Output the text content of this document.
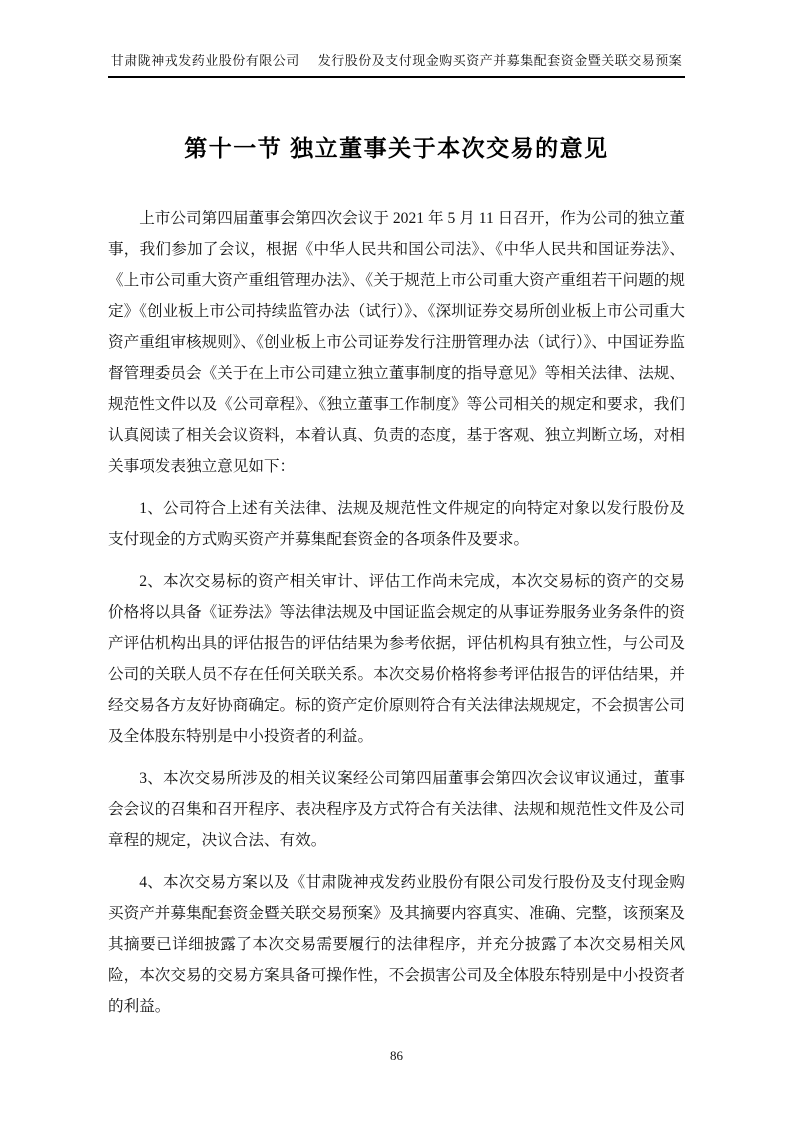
甘肃陇神戎发药业股份有限公司 发行股份及支付现金购买资产并募集配套资金暨关联交易预案
第十一节 独立董事关于本次交易的意见

上市公司第四届董事会第四次会议于 2021 年 5 月 11 日召开，作为公司的独立董事，我们参加了会议，根据《中华人民共和国公司法》、《中华人民共和国证券法》、《上市公司重大资产重组管理办法》、《关于规范上市公司重大资产重组若干问题的规定》《创业板上市公司持续监管办法（试行）》、《深圳证券交易所创业板上市公司重大资产重组审核规则》、《创业板上市公司证券发行注册管理办法（试行）》、中国证券监督管理委员会《关于在上市公司建立独立董事制度的指导意见》等相关法律、法规、规范性文件以及《公司章程》、《独立董事工作制度》等公司相关的规定和要求，我们认真阅读了相关会议资料，本着认真、负责的态度，基于客观、独立判断立场，对相关事项发表独立意见如下：

1、公司符合上述有关法律、法规及规范性文件规定的向特定对象以发行股份及支付现金的方式购买资产并募集配套资金的各项条件及要求。

2、本次交易标的资产相关审计、评估工作尚未完成，本次交易标的资产的交易价格将以具备《证券法》等法律法规及中国证监会规定的从事证券服务业务条件的资产评估机构出具的评估报告的评估结果为参考依据，评估机构具有独立性，与公司及公司的关联人员不存在任何关联关系。本次交易价格将参考评估报告的评估结果，并经交易各方友好协商确定。标的资产定价原则符合有关法律法规规定，不会损害公司及全体股东特别是中小投资者的利益。

3、本次交易所涉及的相关议案经公司第四届董事会第四次会议审议通过，董事会会议的召集和召开程序、表决程序及方式符合有关法律、法规和规范性文件及公司章程的规定，决议合法、有效。

4、本次交易方案以及《甘肃陇神戎发药业股份有限公司发行股份及支付现金购买资产并募集配套资金暨关联交易预案》及其摘要内容真实、准确、完整，该预案及其摘要已详细披露了本次交易需要履行的法律程序，并充分披露了本次交易相关风险，本次交易的交易方案具备可操作性，不会损害公司及全体股东特别是中小投资者的利益。

86
